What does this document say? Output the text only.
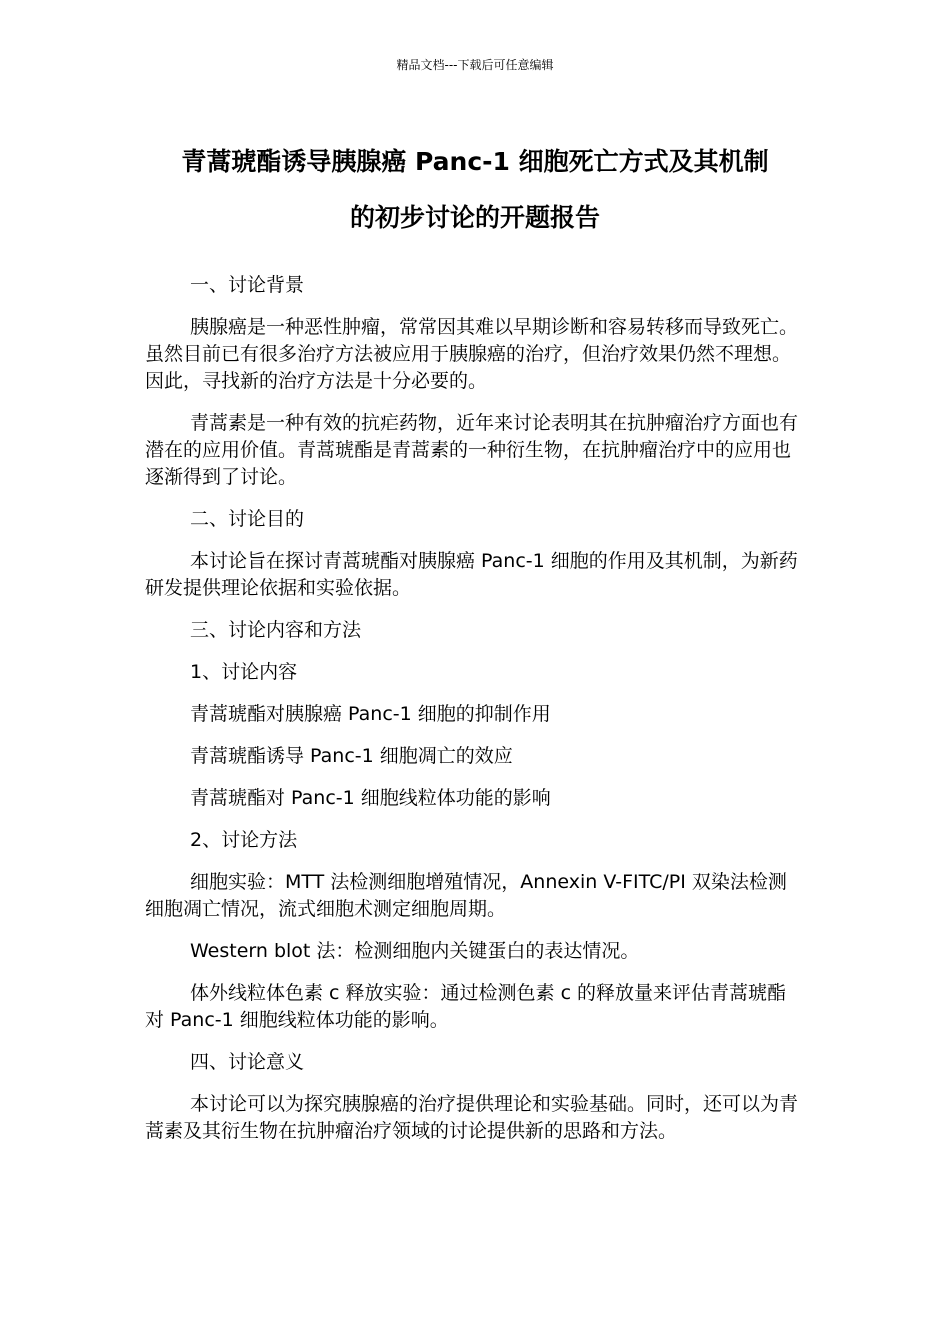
精品文档---下载后可任意编辑
青蒿琥酯诱导胰腺癌 Panc-1 细胞死亡方式及其机制
的初步讨论的开题报告

一、讨论背景

胰腺癌是一种恶性肿瘤，常常因其难以早期诊断和容易转移而导致死亡。虽然目前已有很多治疗方法被应用于胰腺癌的治疗，但治疗效果仍然不理想。因此，寻找新的治疗方法是十分必要的。

青蒿素是一种有效的抗疟药物，近年来讨论表明其在抗肿瘤治疗方面也有潜在的应用价值。青蒿琥酯是青蒿素的一种衍生物，在抗肿瘤治疗中的应用也逐渐得到了讨论。

二、讨论目的

本讨论旨在探讨青蒿琥酯对胰腺癌 Panc-1 细胞的作用及其机制，为新药研发提供理论依据和实验依据。

三、讨论内容和方法

1、讨论内容

青蒿琥酯对胰腺癌 Panc-1 细胞的抑制作用

青蒿琥酯诱导 Panc-1 细胞凋亡的效应

青蒿琥酯对 Panc-1 细胞线粒体功能的影响

2、讨论方法

细胞实验：MTT 法检测细胞增殖情况，Annexin V-FITC/PI 双染法检测细胞凋亡情况，流式细胞术测定细胞周期。

Western blot 法：检测细胞内关键蛋白的表达情况。

体外线粒体色素 c 释放实验：通过检测色素 c 的释放量来评估青蒿琥酯对 Panc-1 细胞线粒体功能的影响。

四、讨论意义

本讨论可以为探究胰腺癌的治疗提供理论和实验基础。同时，还可以为青蒿素及其衍生物在抗肿瘤治疗领域的讨论提供新的思路和方法。
